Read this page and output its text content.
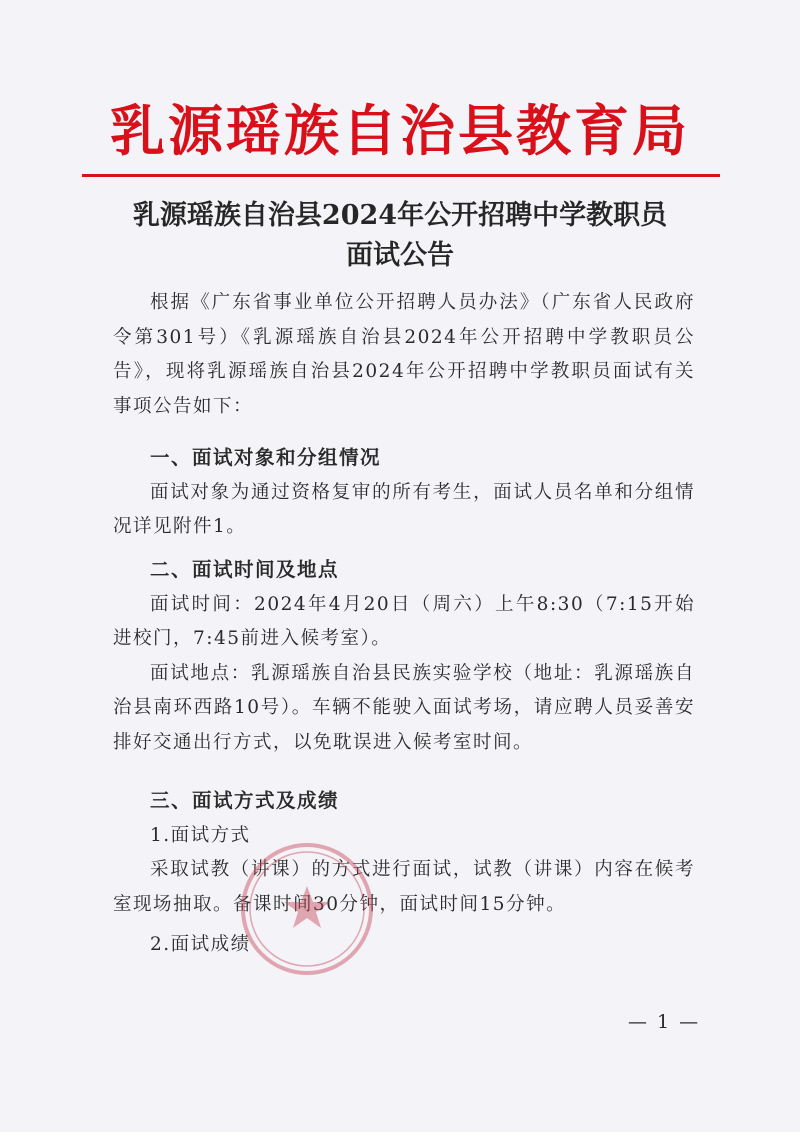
乳源瑶族自治县教育局
乳源瑶族自治县2024年公开招聘中学教职员
面试公告

根据《广东省事业单位公开招聘人员办法》（广东省人民政府令第301号）《乳源瑶族自治县2024年公开招聘中学教职员公告》，现将乳源瑶族自治县2024年公开招聘中学教职员面试有关事项公告如下：

一、面试对象和分组情况

面试对象为通过资格复审的所有考生，面试人员名单和分组情况详见附件1。

二、面试时间及地点

面试时间：2024年4月20日（周六）上午8:30（7:15开始进校门，7:45前进入候考室）。

面试地点：乳源瑶族自治县民族实验学校（地址：乳源瑶族自治县南环西路10号）。车辆不能驶入面试考场，请应聘人员妥善安排好交通出行方式，以免耽误进入候考室时间。

三、面试方式及成绩

1.面试方式

采取试教（讲课）的方式进行面试，试教（讲课）内容在候考室现场抽取。备课时间30分钟，面试时间15分钟。

2.面试成绩

— 1 —
